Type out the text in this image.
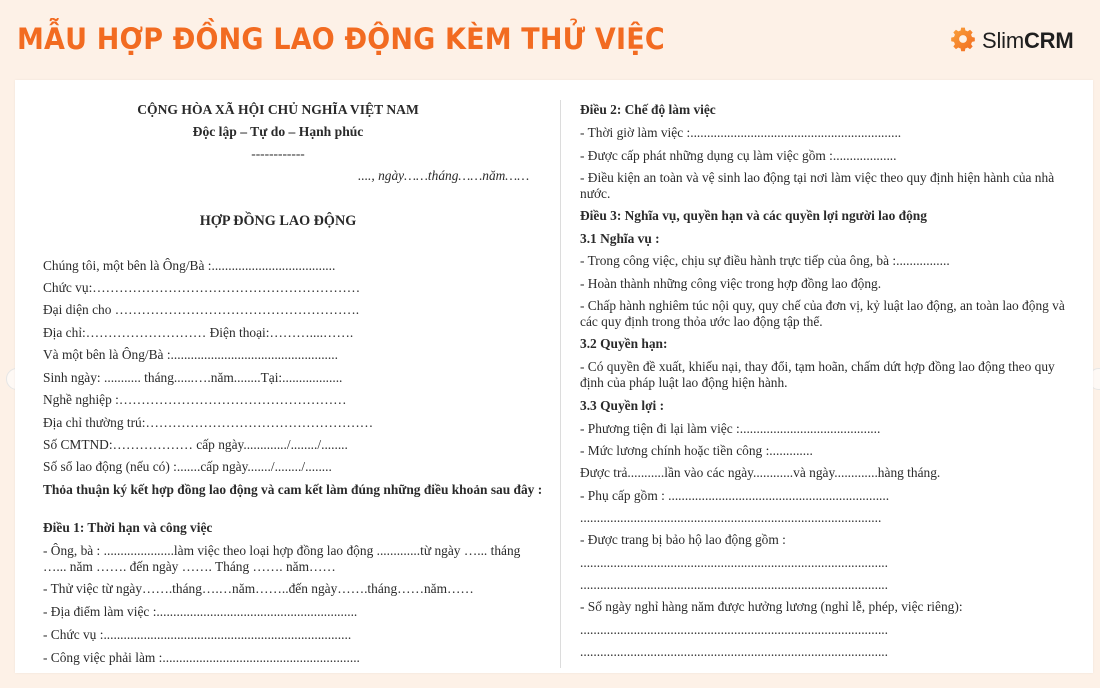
MẪU HỢP ĐỒNG LAO ĐỘNG KÈM THỬ VIỆC	SlimCRM
CỘNG HÒA XÃ HỘI CHỦ NGHĨA VIỆT NAM
Độc lập – Tự do – Hạnh phúc
------------
...., ngày……tháng……năm……
HỢP ĐỒNG LAO ĐỘNG
Chúng tôi, một bên là Ông/Bà :.....................................
Chức vụ:……………………………………………………
Đại diện cho ……………………………………………….
Địa chỉ:……………………… Điện thoại:………....…….
Và một bên là Ông/Bà :..................................................
Sinh ngày: ........... tháng......….năm........Tại:..................
Nghề nghiệp :……………………………………………
Địa chỉ thường trú:……………………………………………
Số CMTND:……………… cấp ngày............./......../........
Số sổ lao động (nếu có) :.......cấp ngày......./......../........
Thỏa thuận ký kết hợp đồng lao động và cam kết làm đúng những điều khoản sau đây :
Điều 1: Thời hạn và công việc
- Ông, bà : .....................làm việc theo loại hợp đồng lao động .............từ ngày …... tháng …... năm ……. đến ngày ……. Tháng ……. năm……
- Thử việc từ ngày…….tháng….…năm……..đến ngày…….tháng……năm……
- Địa điểm làm việc :............................................................
- Chức vụ :..........................................................................
- Công việc phải làm :...........................................................
Điều 2: Chế độ làm việc
- Thời giờ làm việc :...............................................................
- Được cấp phát những dụng cụ làm việc gồm :...................
- Điều kiện an toàn và vệ sinh lao động tại nơi làm việc theo quy định hiện hành của nhà nước.
Điều 3: Nghĩa vụ, quyền hạn và các quyền lợi người lao động
3.1 Nghĩa vụ :
- Trong công việc, chịu sự điều hành trực tiếp của ông, bà :................
- Hoàn thành những công việc trong hợp đồng lao động.
- Chấp hành nghiêm túc nội quy, quy chế của đơn vị, kỷ luật lao động, an toàn lao động và các quy định trong thỏa ước lao động tập thể.
3.2 Quyền hạn:
- Có quyền đề xuất, khiếu nại, thay đổi, tạm hoãn, chấm dứt hợp đồng lao động theo quy định của pháp luật lao động hiện hành.
3.3 Quyền lợi :
- Phương tiện đi lại làm việc :..........................................
- Mức lương chính hoặc tiền công :.............
Được trả...........lần vào các ngày............và ngày.............hàng tháng.
- Phụ cấp gồm : ..................................................................
..........................................................................................
- Được trang bị bảo hộ lao động gồm :
............................................................................................
............................................................................................
- Số ngày nghỉ hàng năm được hưởng lương (nghỉ lễ, phép, việc riêng):
............................................................................................
............................................................................................
